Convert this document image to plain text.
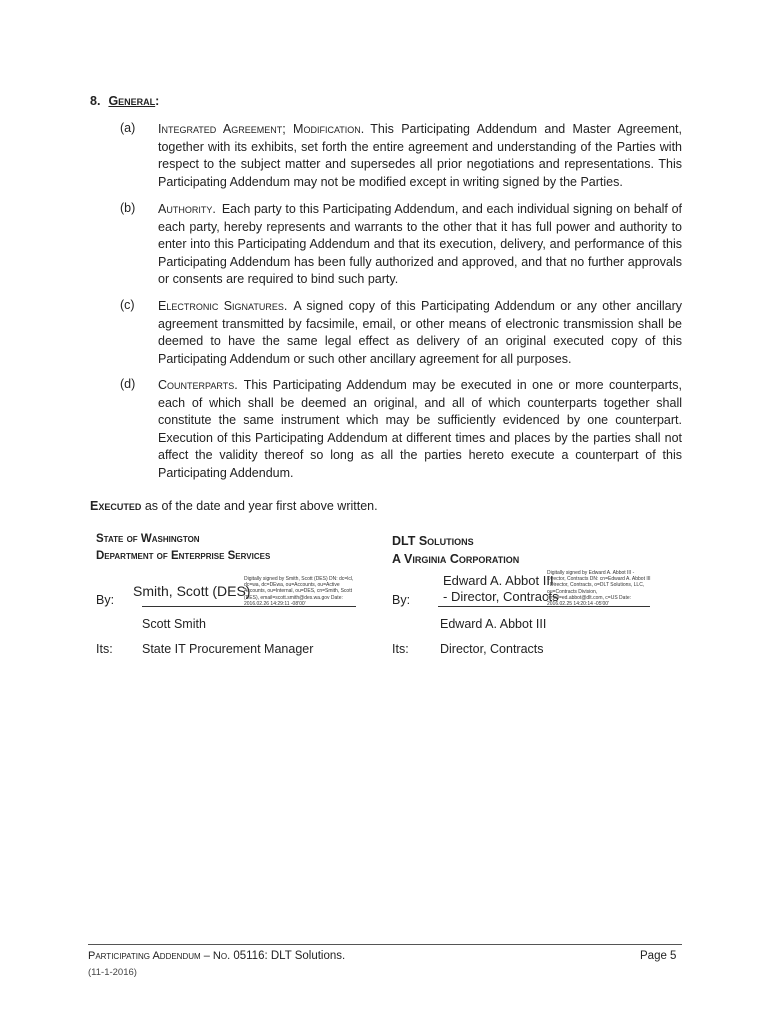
8. General:
(a) Integrated Agreement; Modification. This Participating Addendum and Master Agreement, together with its exhibits, set forth the entire agreement and understanding of the Parties with respect to the subject matter and supersedes all prior negotiations and representations. This Participating Addendum may not be modified except in writing signed by the Parties.
(b) Authority. Each party to this Participating Addendum, and each individual signing on behalf of each party, hereby represents and warrants to the other that it has full power and authority to enter into this Participating Addendum and that its execution, delivery, and performance of this Participating Addendum has been fully authorized and approved, and that no further approvals or consents are required to bind such party.
(c) Electronic Signatures. A signed copy of this Participating Addendum or any other ancillary agreement transmitted by facsimile, email, or other means of electronic transmission shall be deemed to have the same legal effect as delivery of an original executed copy of this Participating Addendum or such other ancillary agreement for all purposes.
(d) Counterparts. This Participating Addendum may be executed in one or more counterparts, each of which shall be deemed an original, and all of which counterparts together shall constitute the same instrument which may be sufficiently evidenced by one counterpart. Execution of this Participating Addendum at different times and places by the parties shall not affect the validity thereof so long as all the parties hereto execute a counterpart of this Participating Addendum.
Executed as of the date and year first above written.
State of Washington
Department of Enterprise Services
By:
Smith, Scott (DES)
Digitally signed by Smith, Scott (DES) DN: dc=lcl, dc=wa, dc=DEwa, ou=Accounts, ou=Active Accounts, ou=Internal, ou=DES, cn=Smith, Scott (DES), email=scott.smith@des.wa.gov Date: 2016.02.26 14:29:11 -08'00'
Scott Smith
Its: State IT Procurement Manager
DLT Solutions
A Virginia Corporation
By:
Edward A. Abbot III
- Director, Contracts
Digitally signed by Edward A. Abbot III - Director, Contracts DN: cn=Edward A. Abbot III - Director, Contracts, o=DLT Solutions, LLC, ou=Contracts Division, email=ed.abbot@dlt.com, c=US Date: 2016.02.25 14:20:14 -05'00'
Edward A. Abbot III
Its:	Director, Contracts
Participating Addendum – No. 05116: DLT Solutions.	Page 5
(11-1-2016)
